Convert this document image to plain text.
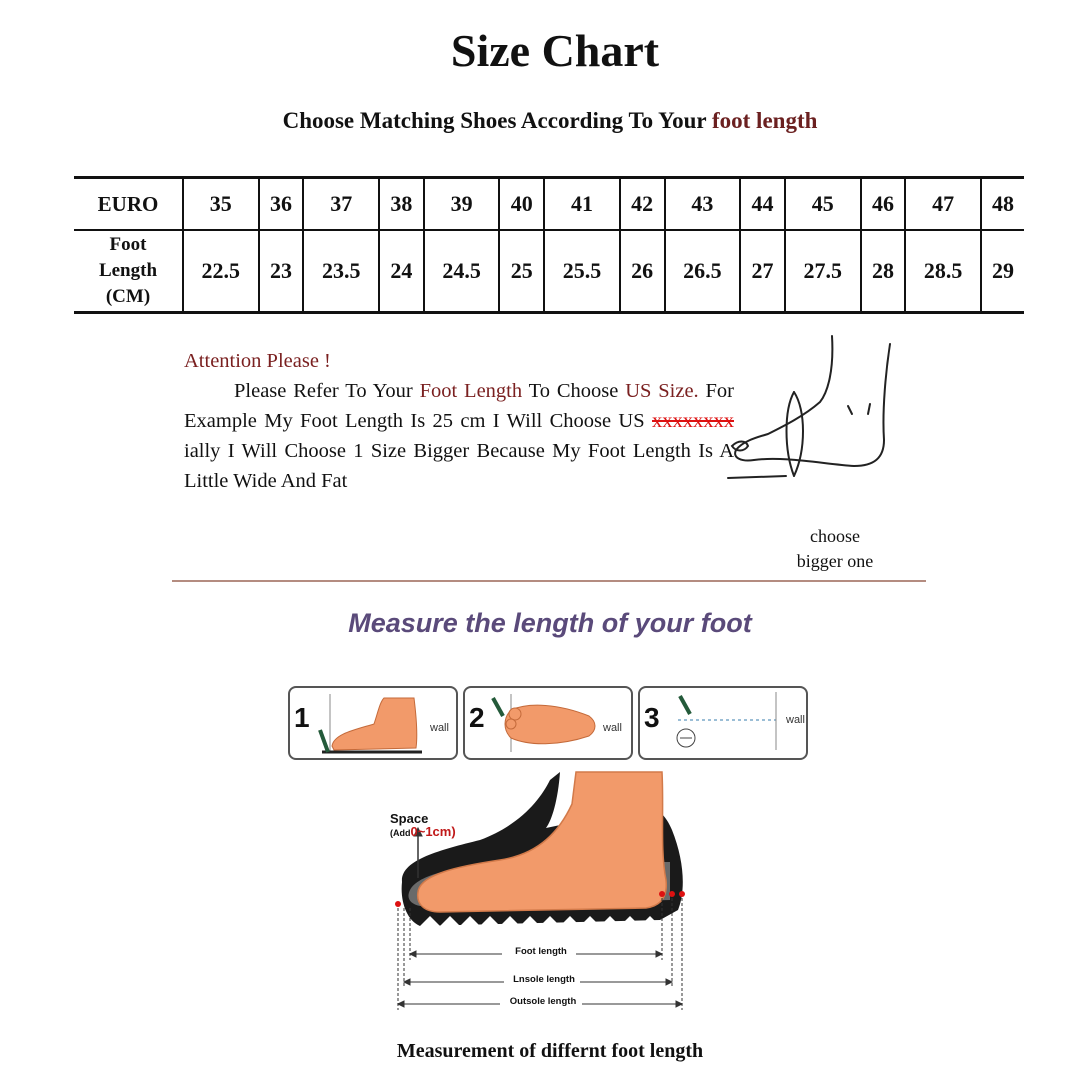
Size Chart
Choose Matching Shoes According To Your foot length
EURO	35	36	37	38	39	40	41	42	43	44	45	46	47	48
Foot
Length
(CM)	22.5	23	23.5	24	24.5	25	25.5	26	26.5	27	27.5	28	28.5	29
Attention Please !
Please Refer To Your Foot Length To Choose US Size. For Example My Foot Length Is 25 cm I Will Choose US xxxxxxxx ially I Will Choose 1 Size Bigger Because My Foot Length Is A Little Wide And Fat
choose
bigger one
Measure the length of your foot
1	wall 2	wall 3	wall
Space
(Add0~1cm)
Foot length
Lnsole length
Outsole length
Measurement of differnt foot length
